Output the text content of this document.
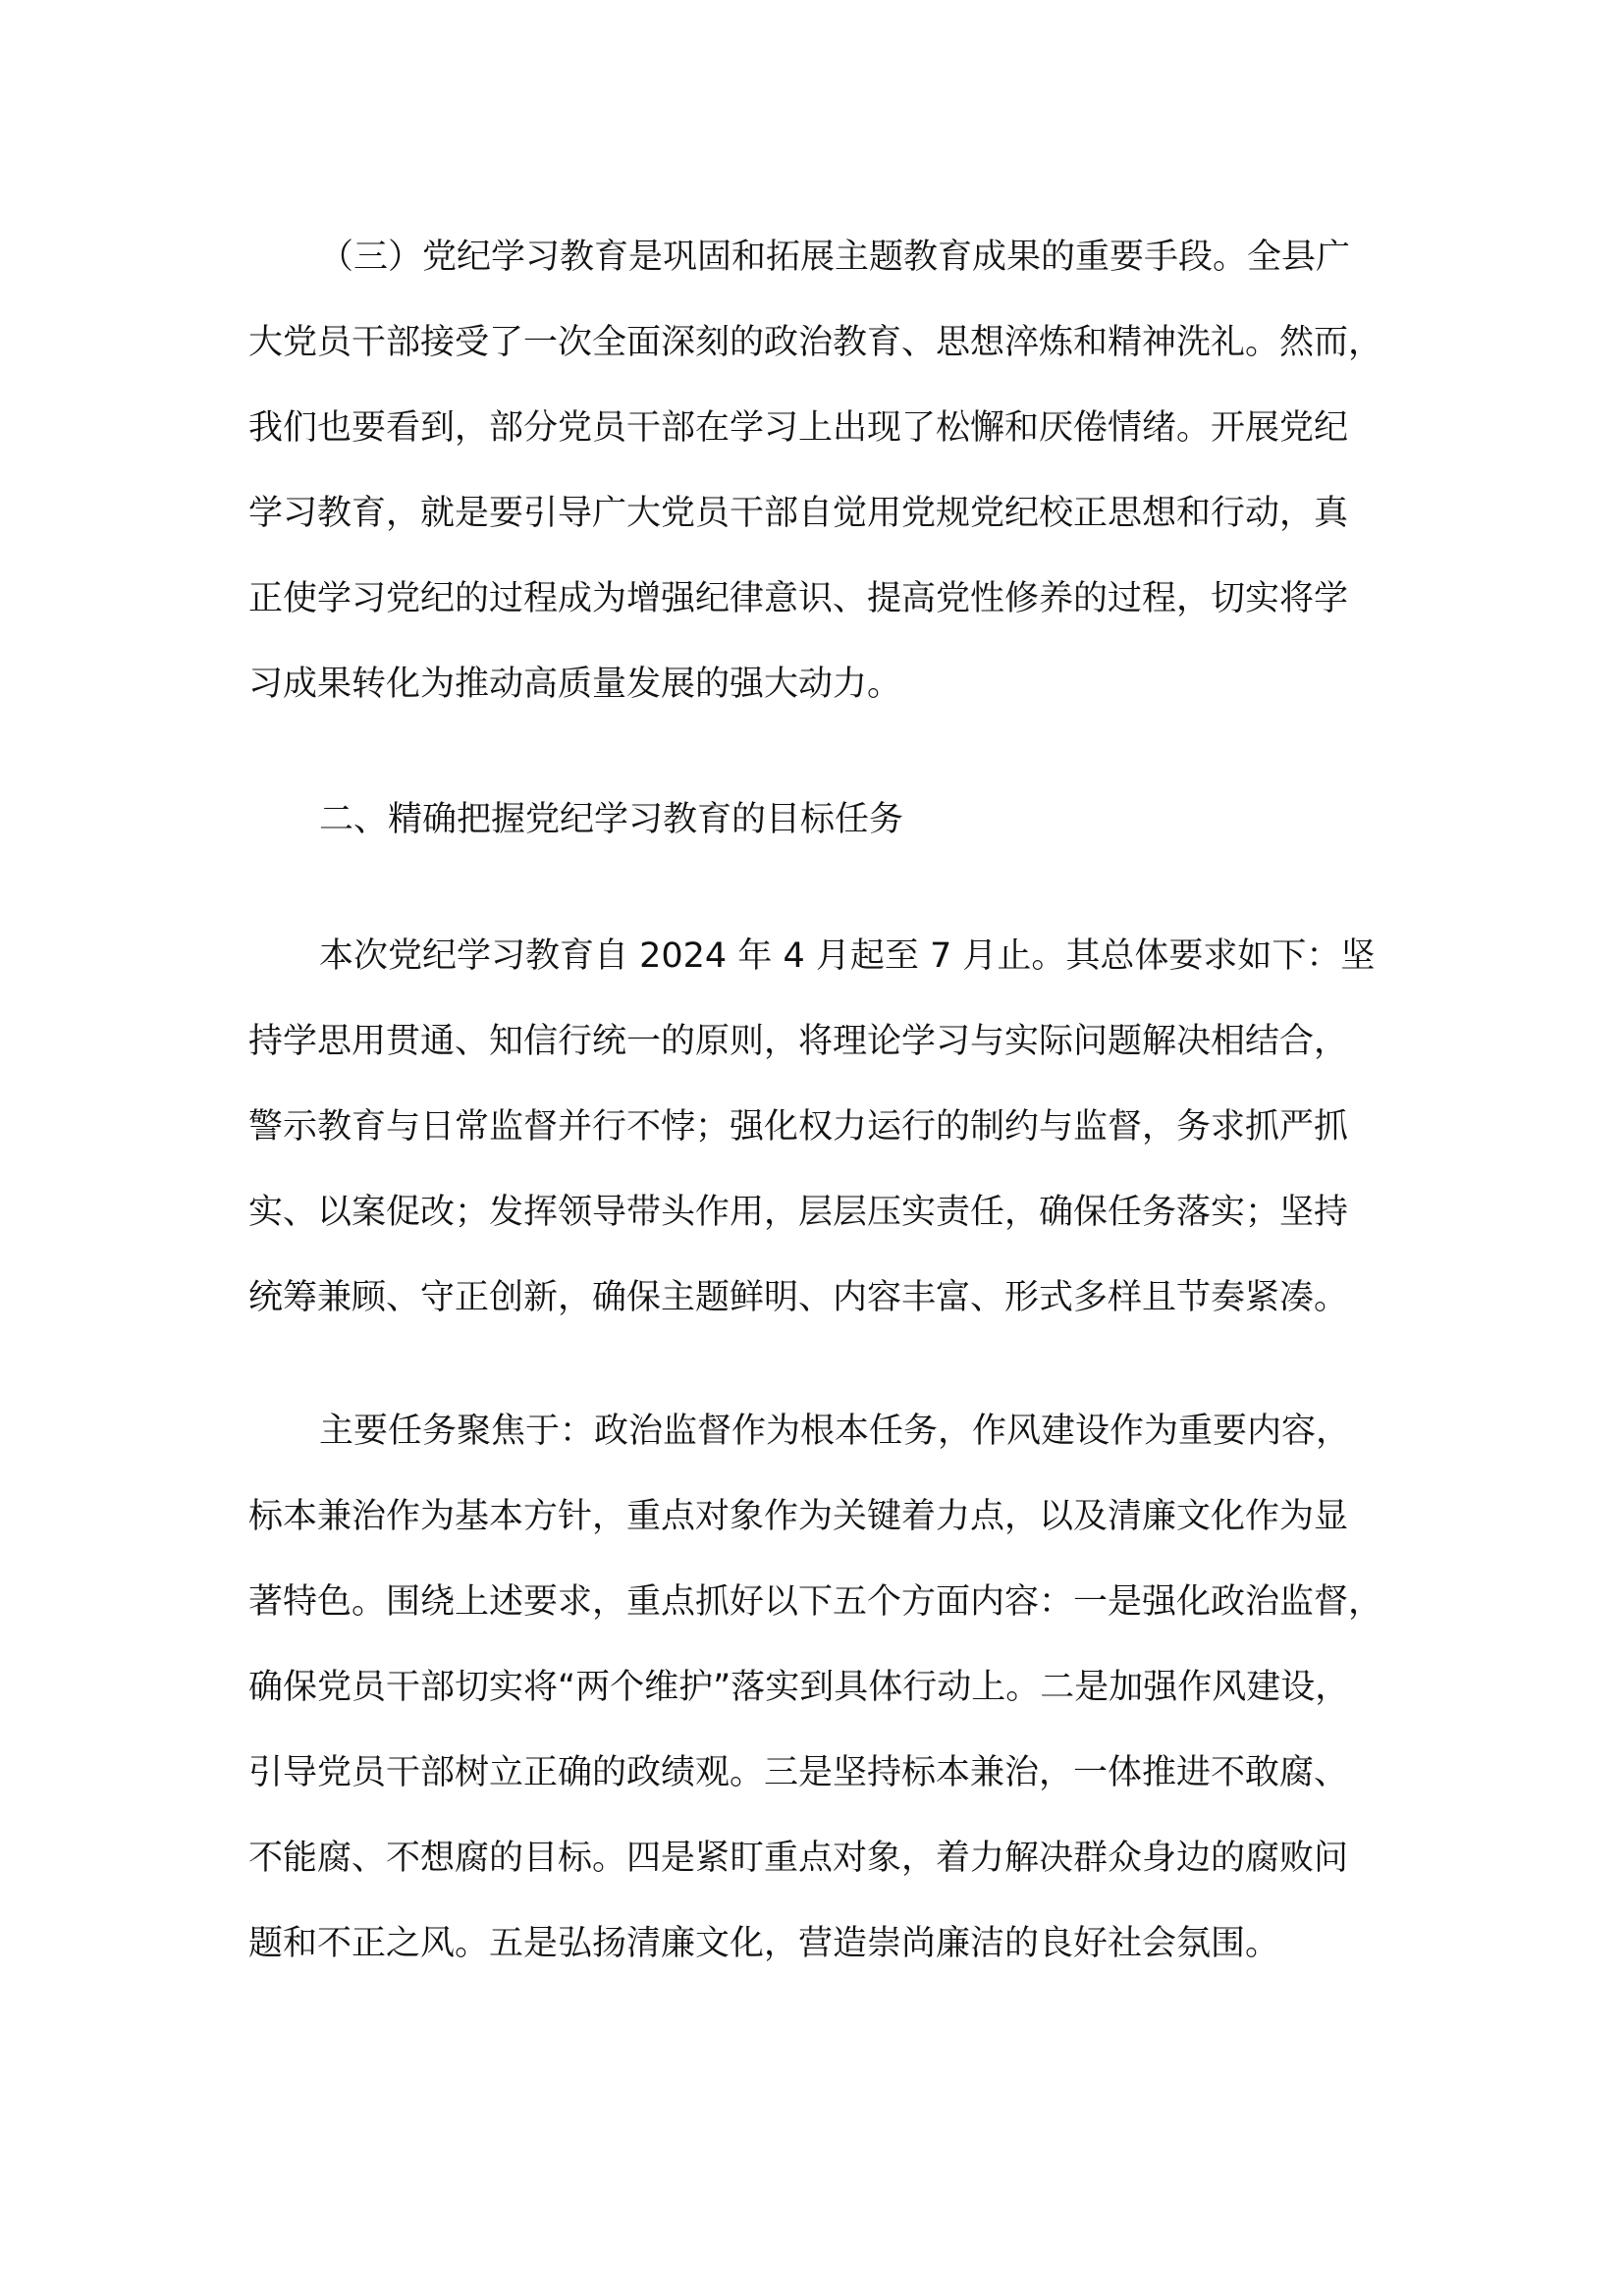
（三）党纪学习教育是巩固和拓展主题教育成果的重要手段。全县广
大党员干部接受了一次全面深刻的政治教育、思想淬炼和精神洗礼。然而，
我们也要看到，部分党员干部在学习上出现了松懈和厌倦情绪。开展党纪
学习教育，就是要引导广大党员干部自觉用党规党纪校正思想和行动，真
正使学习党纪的过程成为增强纪律意识、提高党性修养的过程，切实将学
习成果转化为推动高质量发展的强大动力。
二、精确把握党纪学习教育的目标任务
本次党纪学习教育自 2024 年 4 月起至 7 月止。其总体要求如下：坚
持学思用贯通、知信行统一的原则，将理论学习与实际问题解决相结合，
警示教育与日常监督并行不悖；强化权力运行的制约与监督，务求抓严抓
实、以案促改；发挥领导带头作用，层层压实责任，确保任务落实；坚持
统筹兼顾、守正创新，确保主题鲜明、内容丰富、形式多样且节奏紧凑。
主要任务聚焦于：政治监督作为根本任务，作风建设作为重要内容，
标本兼治作为基本方针，重点对象作为关键着力点，以及清廉文化作为显
著特色。围绕上述要求，重点抓好以下五个方面内容：一是强化政治监督，
确保党员干部切实将“两个维护”落实到具体行动上。二是加强作风建设，
引导党员干部树立正确的政绩观。三是坚持标本兼治，一体推进不敢腐、
不能腐、不想腐的目标。四是紧盯重点对象，着力解决群众身边的腐败问
题和不正之风。五是弘扬清廉文化，营造崇尚廉洁的良好社会氛围。
